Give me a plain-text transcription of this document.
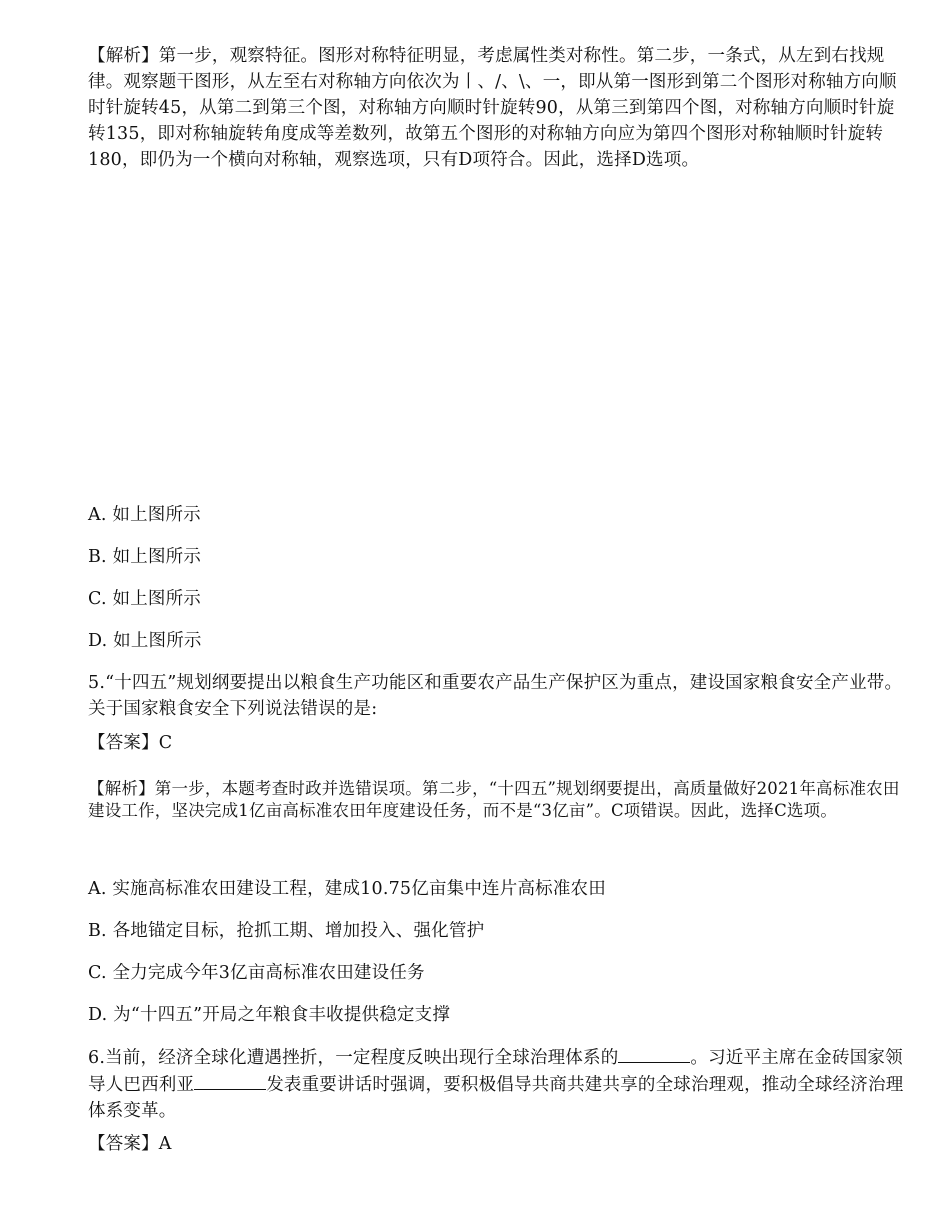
【解析】第一步，观察特征。图形对称特征明显，考虑属性类对称性。第二步，一条式，从左到右找规律。观察题干图形，从左至右对称轴方向依次为丨、/、\、一，即从第一图形到第二个图形对称轴方向顺时针旋转45，从第二到第三个图，对称轴方向顺时针旋转90，从第三到第四个图，对称轴方向顺时针旋转135，即对称轴旋转角度成等差数列，故第五个图形的对称轴方向应为第四个图形对称轴顺时针旋转180，即仍为一个横向对称轴，观察选项，只有D项符合。因此，选择D选项。

A. 如上图所示

B. 如上图所示

C. 如上图所示

D. 如上图所示

5.“十四五”规划纲要提出以粮食生产功能区和重要农产品生产保护区为重点，建设国家粮食安全产业带。关于国家粮食安全下列说法错误的是:

【答案】C

【解析】第一步，本题考查时政并选错误项。第二步，“十四五”规划纲要提出，高质量做好2021年高标准农田建设工作，坚决完成1亿亩高标准农田年度建设任务，而不是“3亿亩”。C项错误。因此，选择C选项。

A. 实施高标准农田建设工程，建成10.75亿亩集中连片高标准农田

B. 各地锚定目标，抢抓工期、增加投入、强化管护

C. 全力完成今年3亿亩高标准农田建设任务

D. 为“十四五”开局之年粮食丰收提供稳定支撑

6.当前，经济全球化遭遇挫折，一定程度反映出现行全球治理体系的	。习近平主席在金砖国家领导人巴西利亚	发表重要讲话时强调，要积极倡导共商共建共享的全球治理观，推动全球经济治理体系变革。

【答案】A
